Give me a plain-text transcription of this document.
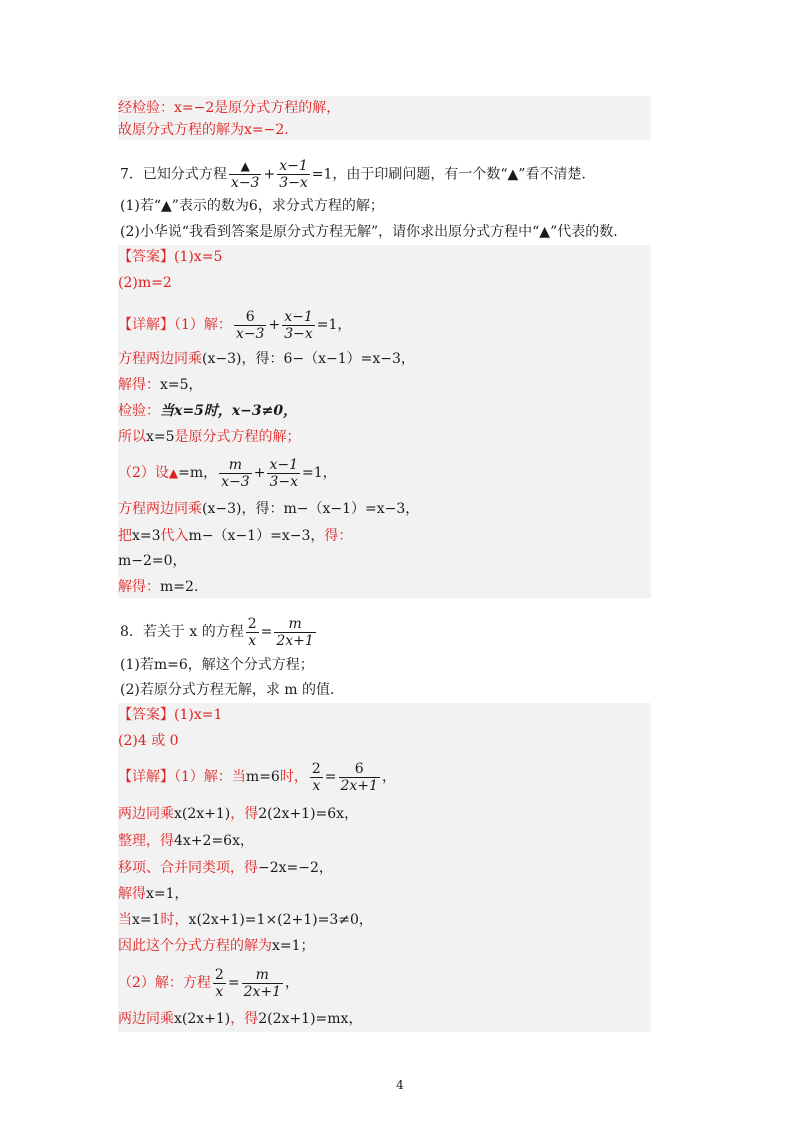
经检验：x=−2是原分式方程的解，
故原分式方程的解为x=−2.
7．已知分式方程 $\frac{▲}{x-3} + \frac{x-1}{3-x} =1$，由于印刷问题，有一个数“▲”看不清楚．
(1)若“▲”表示的数为6，求分式方程的解；
(2)小华说“我看到答案是原分式方程无解”，请你求出原分式方程中“▲”代表的数．
【答案】(1)x=5
(2)m=2
【详解】（1）解： $\frac{6}{x-3} + \frac{x-1}{3-x} =1$，
方程两边同乘(x−3)，得：6−（x−1）=x−3，
解得：x=5，
检验：当x=5时，x−3≠0，
所以x=5是原分式方程的解；
（2）设▲=m， $\frac{m}{x-3} + \frac{x-1}{3-x} =1$，
方程两边同乘(x−3)，得：m−（x−1）=x−3，
把x=3代入m−（x−1）=x−3，得：
m−2=0，
解得：m=2.
8．若关于 x 的方程 $\frac{2}{x} = \frac{m}{2x+1}$
(1)若m=6，解这个分式方程；
(2)若原分式方程无解，求 m 的值．
【答案】(1)x=1
(2)4 或 0
【详解】（1）解：当m=6时， $\frac{2}{x} = \frac{6}{2x+1}$ ，
两边同乘x(2x+1)，得2(2x+1)=6x，
整理，得4x+2=6x，
移项、合并同类项，得−2x=−2，
解得x=1，
当x=1时，x(2x+1)=1×(2+1)=3≠0，
因此这个分式方程的解为x=1；
（2）解：方程 $\frac{2}{x} = \frac{m}{2x+1}$ ，
两边同乘x(2x+1)，得2(2x+1)=mx，
4
